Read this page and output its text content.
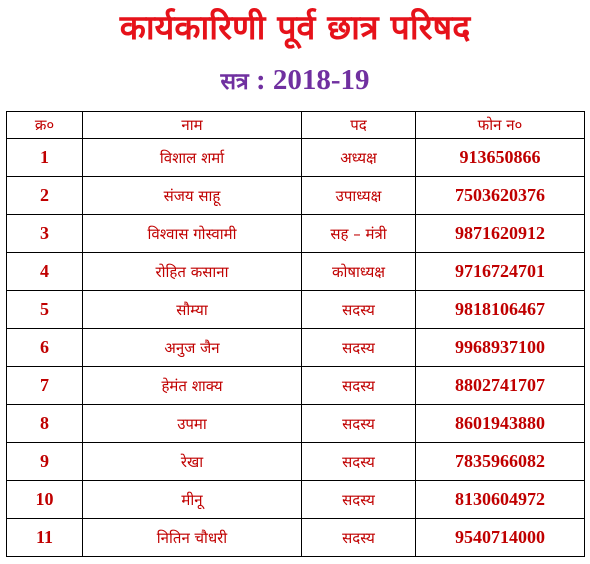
कार्यकारिणी पूर्व छात्र परिषद
सत्र : 2018-19
क्र०	नाम	पद	फोन न०
1	विशाल शर्मा	अध्यक्ष	913650866
2	संजय साहू	उपाध्यक्ष	7503620376
3	विश्वास गोस्वामी	सह – मंत्री	9871620912
4	रोहित कसाना	कोषाध्यक्ष	9716724701
5	सौम्या	सदस्य	9818106467
6	अनुज जैन	सदस्य	9968937100
7	हेमंत शाक्य	सदस्य	8802741707
8	उपमा	सदस्य	8601943880
9	रेखा	सदस्य	7835966082
10	मीनू	सदस्य	8130604972
11	नितिन चौधरी	सदस्य	9540714000
